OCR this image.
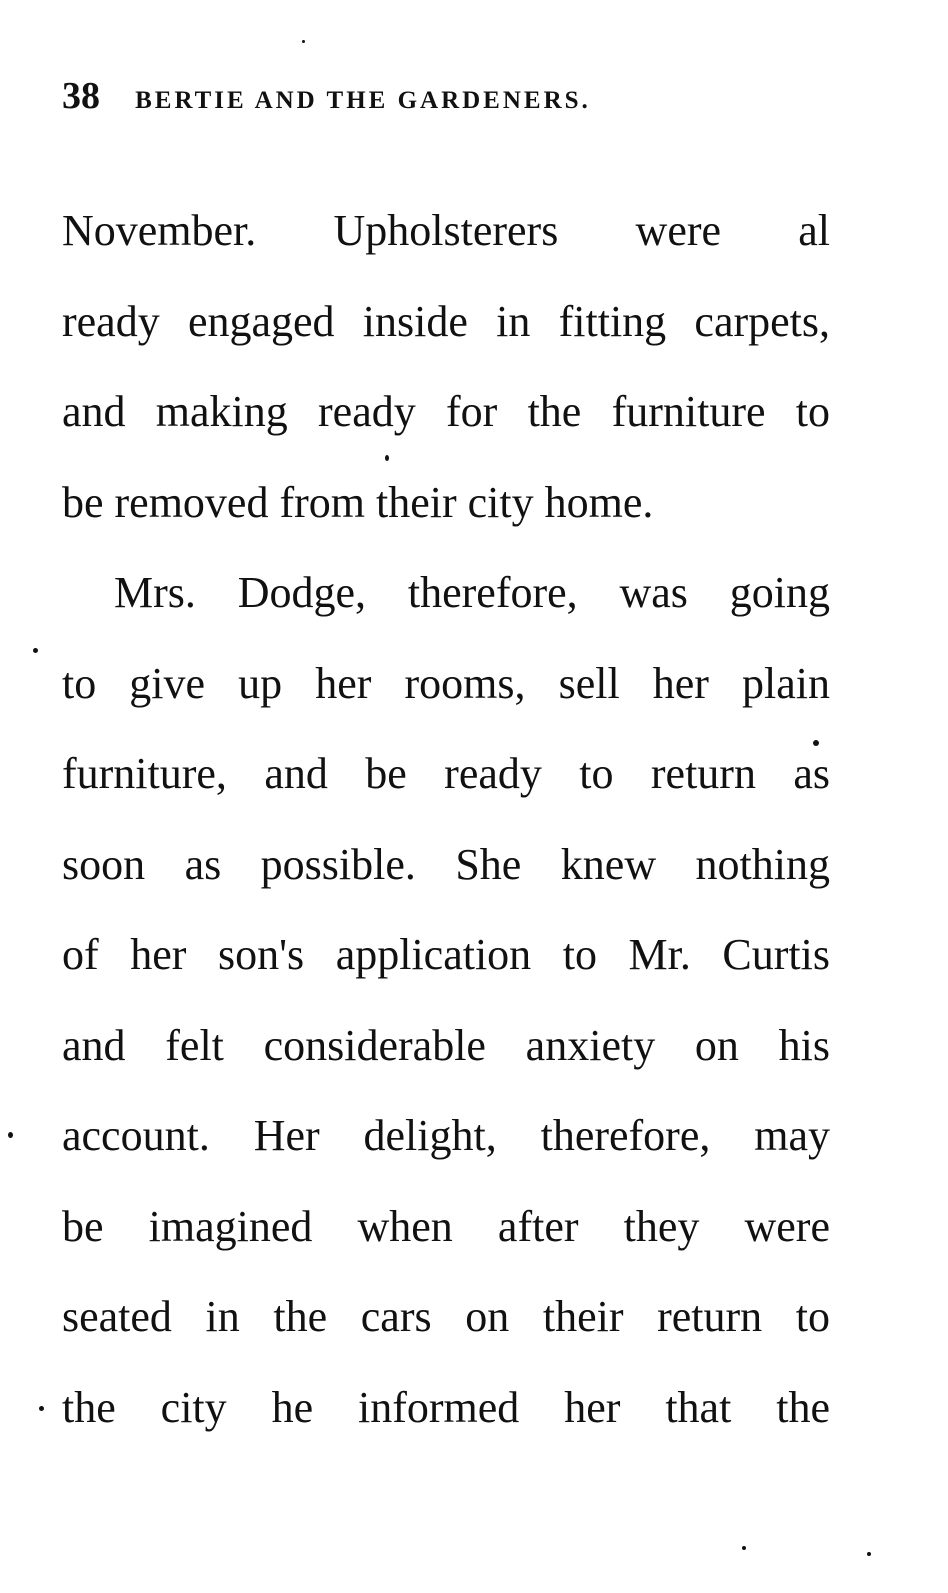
38 BERTIE AND THE GARDENERS.
November. Upholsterers were al
ready engaged inside in fitting carpets,
and making ready for the furniture to
be removed from their city home.
Mrs. Dodge, therefore, was going
to give up her rooms, sell her plain
furniture, and be ready to return as
soon as possible. She knew nothing
of her son's application to Mr. Curtis
and felt considerable anxiety on his
account. Her delight, therefore, may
be imagined when after they were
seated in the cars on their return to
the city he informed her that the
